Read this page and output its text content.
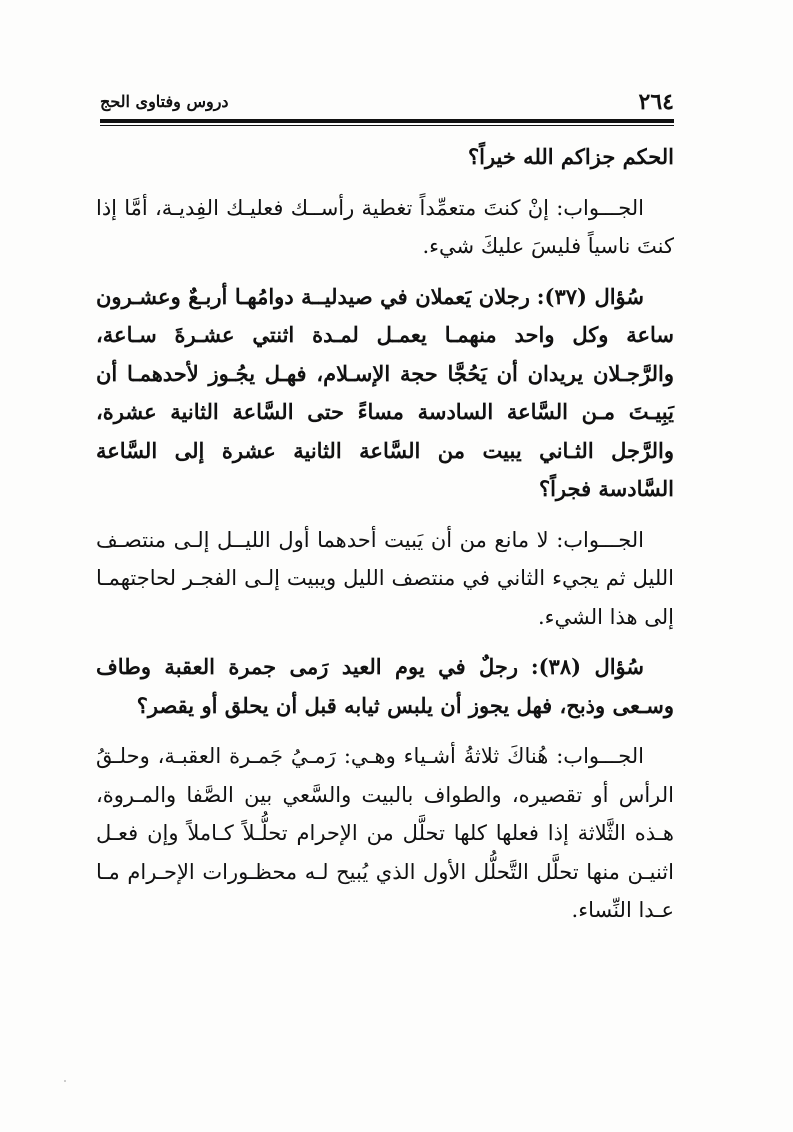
٢٦٤
دروس وفتاوى الحج

الحكم جزاكم الله خيراً؟

الجـــواب: إنْ كنتَ متعمِّداً تغطية رأســك فعليـك الفِديـة، أمَّا إذا كنتَ ناسياً فليسَ عليكَ شيء.

سُؤال (٣٧): رجلان يَعملان في صيدليــة دوامُهـا أربـعٌ وعشـرون ساعة وكل واحد منهمـا يعمـل لمـدة اثنتي عشـرةَ سـاعة، والرَّجـلان يريدان أن يَحُجَّا حجة الإسـلام، فهـل يجُـوز لأحدهمـا أن يَبِيـتَ مـن السَّاعة السادسة مساءً حتى السَّاعة الثانية عشرة، والرَّجل الثـاني يبيت من السَّاعة الثانية عشرة إلى السَّاعة السَّادسة فجراً؟

الجـــواب: لا مانع من أن يَبيت أحدهما أول الليــل إلـى منتصـف الليل ثم يجيء الثاني في منتصف الليل ويبيت إلـى الفجـر لحاجتهمـا إلى هذا الشيء.

سُؤال (٣٨): رجلٌ في يوم العيد رَمى جمرة العقبة وطاف وسـعى وذبح، فهل يجوز أن يلبس ثيابه قبل أن يحلق أو يقصر؟

الجـــواب: هُناكَ ثلاثةُ أشـياء وهـي: رَمـيُ جَمـرة العقبـة، وحلـقُ الرأس أو تقصيره، والطواف بالبيت والسَّعي بين الصَّفا والمـروة، هـذه الثَّلاثة إذا فعلها كلها تحلَّل من الإحرام تحلُّـلاً كـاملاً وإن فعـل اثنيـن منها تحلَّل التَّحلُّل الأول الذي يُبيح لـه محظـورات الإحـرام مـا عـدا النِّساء.
